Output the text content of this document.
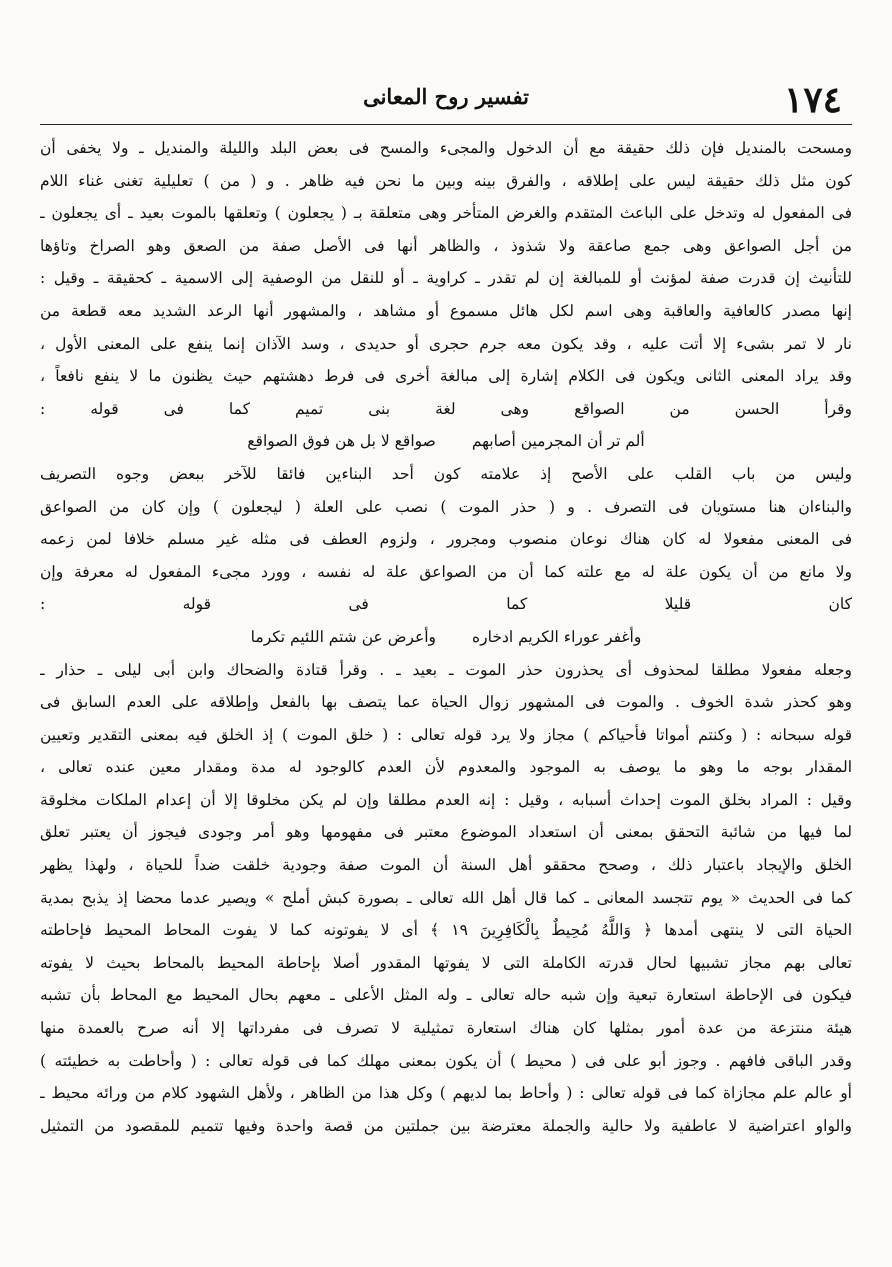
١٧٤
تفسير روح المعانى
ومسحت بالمنديل فإن ذلك حقيقة مع أن الدخول والمجىء والمسح فى بعض البلد والليلة والمنديل ـ ولا يخفى أن
كون مثل ذلك حقيقة ليس على إطلاقه ، والفرق بينه وبين ما نحن فيه ظاهر . و ( من ) تعليلية تغنى غناء اللام
فى المفعول له وتدخل على الباعث المتقدم والغرض المتأخر وهى متعلقة بـ ( يجعلون ) وتعلقها بالموت بعيد ـ أى يجعلون ـ
من أجل الصواعق وهى جمع صاعقة ولا شذوذ ، والظاهر أنها فى الأصل صفة من الصعق وهو الصراخ وتاؤها
للتأنيث إن قدرت صفة لمؤنث أو للمبالغة إن لم تقدر ـ كراوية ـ أو للنقل من الوصفية إلى الاسمية ـ كحقيقة ـ وقيل :
إنها مصدر كالعافية والعاقبة وهى اسم لكل هائل مسموع أو مشاهد ، والمشهور أنها الرعد الشديد معه قطعة من
نار لا تمر بشىء إلا أتت عليه ، وقد يكون معه جرم حجرى أو حديدى ، وسد الآذان إنما ينفع على المعنى الأول ،
وقد يراد المعنى الثانى ويكون فى الكلام إشارة إلى مبالغة أخرى فى فرط دهشتهم حيث يظنون ما لا ينفع نافعاً ،
وقرأ الحسن من الصواقع وهى لغة بنى تميم كما فى قوله :
ألم تر أن المجرمين أصابهم
صواقع لا بل هن فوق الصواقع
وليس من باب القلب على الأصح إذ علامته كون أحد البناءين فائقا للآخر ببعض وجوه التصريف
والبناءان هنا مستويان فى التصرف . و ( حذر الموت ) نصب على العلة ( ليجعلون ) وإن كان من الصواعق
فى المعنى مفعولا له كان هناك نوعان منصوب ومجرور ، ولزوم العطف فى مثله غير مسلم خلافا لمن زعمه
ولا مانع من أن يكون علة له مع علته كما أن من الصواعق علة له نفسه ، وورد مجىء المفعول له معرفة وإن
كان قليلا كما فى قوله :
وأغفر عوراء الكريم ادخاره
وأعرض عن شتم اللئيم تكرما
وجعله مفعولا مطلقا لمحذوف أى يحذرون حذر الموت ـ بعيد ـ . وقرأ قتادة والضحاك وابن أبى ليلى ـ حذار ـ
وهو كحذر شدة الخوف . والموت فى المشهور زوال الحياة عما يتصف بها بالفعل وإطلاقه على العدم السابق فى
قوله سبحانه : ( وكنتم أمواتا فأحياكم ) مجاز ولا يرد قوله تعالى : ( خلق الموت ) إذ الخلق فيه بمعنى التقدير وتعيين
المقدار بوجه ما وهو ما يوصف به الموجود والمعدوم لأن العدم كالوجود له مدة ومقدار معين عنده تعالى ،
وقيل : المراد بخلق الموت إحداث أسبابه ، وقيل : إنه العدم مطلقا وإن لم يكن مخلوقا إلا أن إعدام الملكات مخلوقة
لما فيها من شائبة التحقق بمعنى أن استعداد الموضوع معتبر فى مفهومها وهو أمر وجودى فيجوز أن يعتبر تعلق
الخلق والإيجاد باعتبار ذلك ، وصحح محققو أهل السنة أن الموت صفة وجودية خلقت ضداً للحياة ، ولهذا يظهر
كما فى الحديث « يوم تتجسد المعانى ـ كما قال أهل الله تعالى ـ بصورة كبش أملح » ويصير عدما محضا إذ يذبح بمدية
الحياة التى لا ينتهى أمدها ﴿ وَاللَّهُ مُحِيطٌ بِالْكَافِرِينَ ١٩ ﴾ أى لا يفوتونه كما لا يفوت المحاط المحيط فإحاطته
تعالى بهم مجاز تشبيها لحال قدرته الكاملة التى لا يفوتها المقدور أصلا بإحاطة المحيط بالمحاط بحيث لا يفوته
فيكون فى الإحاطة استعارة تبعية وإن شبه حاله تعالى ـ وله المثل الأعلى ـ معهم بحال المحيط مع المحاط بأن تشبه
هيئة منتزعة من عدة أمور بمثلها كان هناك استعارة تمثيلية لا تصرف فى مفرداتها إلا أنه صرح بالعمدة منها
وقدر الباقى فافهم . وجوز أبو على فى ( محيط ) أن يكون بمعنى مهلك كما فى قوله تعالى : ( وأحاطت به خطيئته )
أو عالم علم مجازاة كما فى قوله تعالى : ( وأحاط بما لديهم ) وكل هذا من الظاهر ، ولأهل الشهود كلام من ورائه محيط ـ
والواو اعتراضية لا عاطفية ولا حالية والجملة معترضة بين جملتين من قصة واحدة وفيها تتميم للمقصود من التمثيل
